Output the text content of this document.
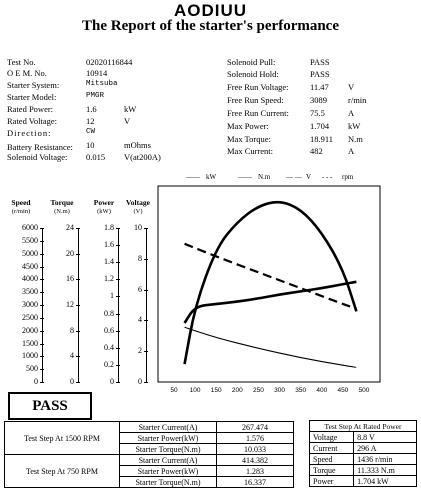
AODIUU
The Report of the starter's performance
Test No.	02020116844
O E M. No.	10914
Starter System:	Mitsuba
Starter Model:	PMGR
Rated Power:	1.6	kW
Rated Voltage:	12	V
Direction:	CW
Battery Resistance: 10	mOhms
Solenoid Voltage: 0.015 V(at200A)
Solenoid Pull:	PASS
Solenoid Hold:	PASS
Free Run Voltage:	11.47 V
Free Run Speed:	3089 r/min
Free Run Current: 75.5	A
Max Power:	1.704 kW
Max Torque:	18.911 N.m
Max Current:	482	A
—— kW	—— N.m — — V - - - rpm
Speed
(r/min)
Torque
(N.m)
Power
(kW)
Voltage
(V)
6000
5500
5000
4500
4000
3500
3000
2500
2000
1500
1000
500
0
24
20
16
12
8
4
0
1.8
1.6
1.4
1.2
1
0.8
0.6
0.4
0.2
0
10
8
6
4
2
0
50 100 150 200 250 300 350 400 450 500
PASS
Test Step At 1500 RPM	Starter Current(A)	267.474
	Starter Power(kW)	1.576
	Starter Torque(N.m)	10.033
Test Step At 750 RPM	Starter Current(A)	414.382
	Starter Power(kW)	1.283
	Starter Torque(N.m)	16.337
Test Step At Rated Power	
Voltage	8.8 V
Current	296 A
Speed	1436 r/min
Torque	11.333 N.m
Power	1.704 kW
